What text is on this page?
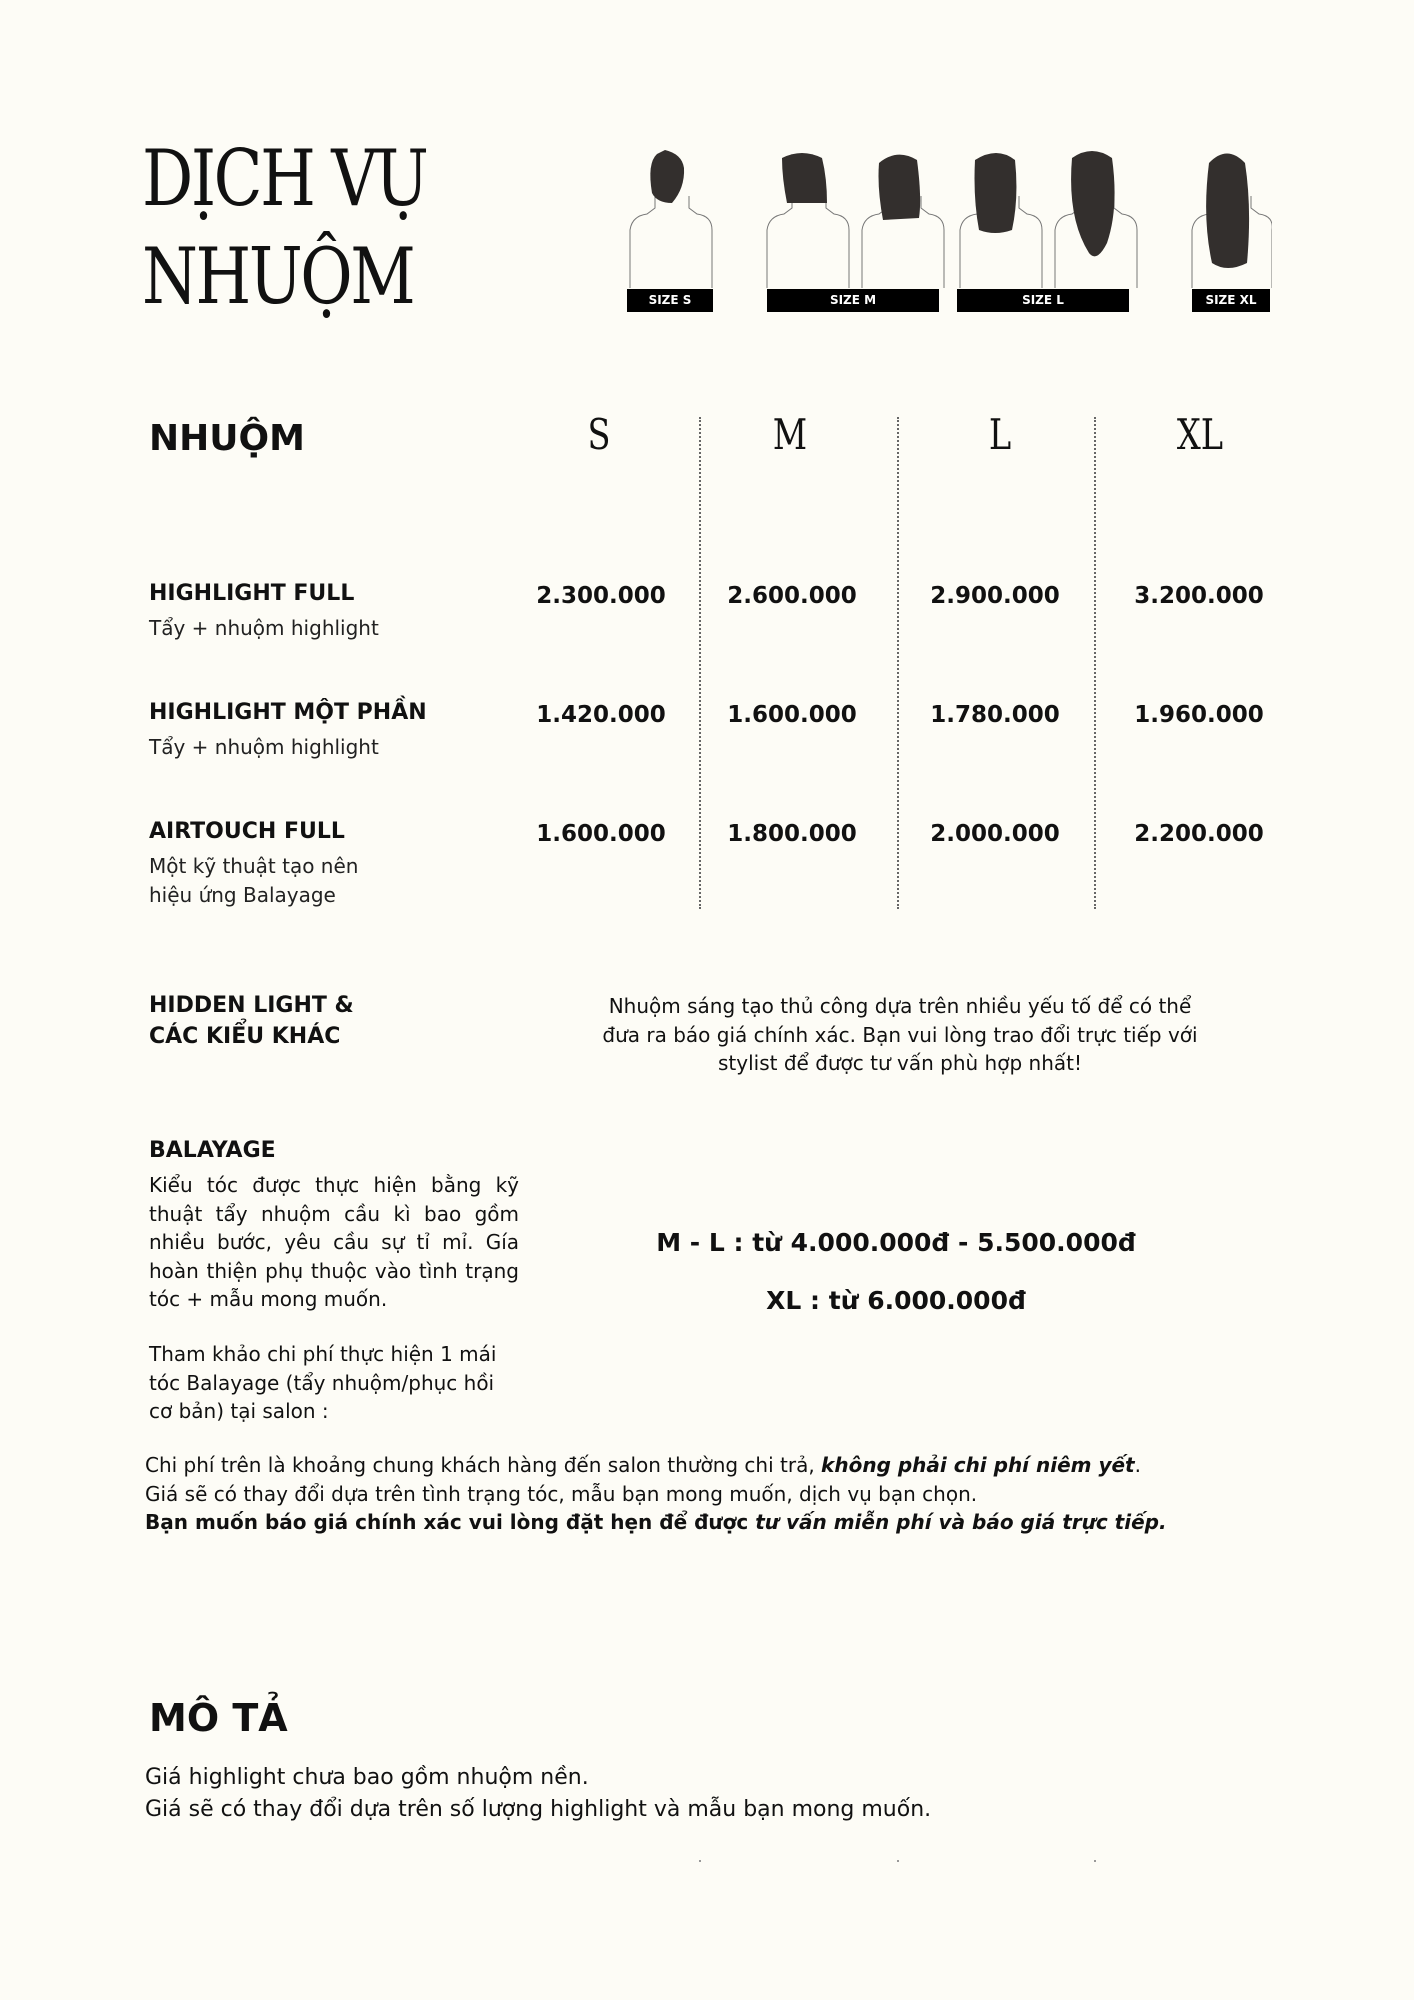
DỊCH VỤ
NHUỘM	SIZE S	SIZE M	SIZE L	SIZE XL
NHUỘM	S	M	L	XL
HIGHLIGHT FULL
Tẩy + nhuộm highlight
2.300.000	2.600.000	2.900.000	3.200.000
HIGHLIGHT MỘT PHẦN
Tẩy + nhuộm highlight
1.420.000	1.600.000	1.780.000	1.960.000
AIRTOUCH FULL
Một kỹ thuật tạo nên
hiệu ứng Balayage
1.600.000	1.800.000	2.000.000	2.200.000
HIDDEN LIGHT &
CÁC KIỂU KHÁC
Nhuộm sáng tạo thủ công dựa trên nhiều yếu tố để có thể
đưa ra báo giá chính xác. Bạn vui lòng trao đổi trực tiếp với
stylist để được tư vấn phù hợp nhất!
BALAYAGE
Kiểu tóc được thực hiện bằng kỹ thuật tẩy nhuộm cầu kì bao gồm nhiều bước, yêu cầu sự tỉ mỉ. Gía hoàn thiện phụ thuộc vào tình trạng tóc + mẫu mong muốn.
Tham khảo chi phí thực hiện 1 mái tóc Balayage (tẩy nhuộm/phục hồi cơ bản) tại salon :
M - L : từ 4.000.000đ - 5.500.000đ
XL : từ 6.000.000đ
Chi phí trên là khoảng chung khách hàng đến salon thường chi trả, không phải chi phí niêm yết.
Giá sẽ có thay đổi dựa trên tình trạng tóc, mẫu bạn mong muốn, dịch vụ bạn chọn.
Bạn muốn báo giá chính xác vui lòng đặt hẹn để được tư vấn miễn phí và báo giá trực tiếp.
MÔ TẢ
Giá highlight chưa bao gồm nhuộm nền.
Giá sẽ có thay đổi dựa trên số lượng highlight và mẫu bạn mong muốn.
